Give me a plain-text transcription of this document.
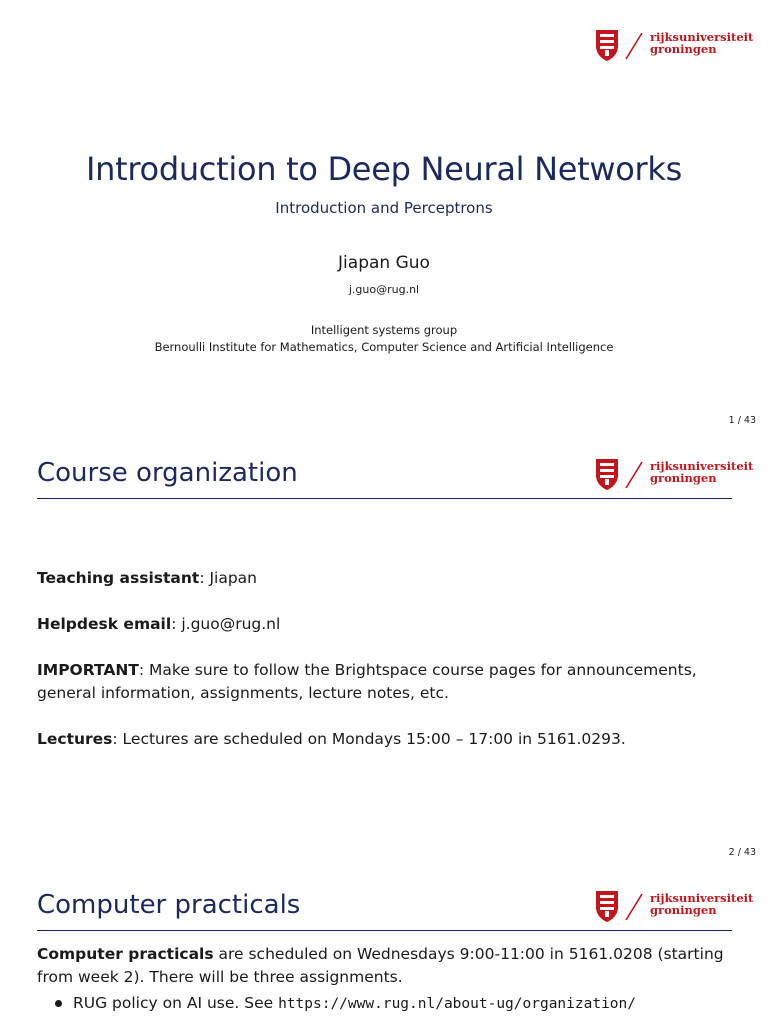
rijksuniversiteit
groningen
Introduction to Deep Neural Networks
Introduction and Perceptrons
Jiapan Guo
j.guo@rug.nl
Intelligent systems group
Bernoulli Institute for Mathematics, Computer Science and Artificial Intelligence
1 / 43
Course organization	rijksuniversiteit
groningen
Teaching assistant: Jiapan
Helpdesk email: j.guo@rug.nl
IMPORTANT: Make sure to follow the Brightspace course pages for announcements, general information, assignments, lecture notes, etc.
Lectures: Lectures are scheduled on Mondays 15:00 – 17:00 in 5161.0293.
2 / 43
Computer practicals	rijksuniversiteit
groningen
Computer practicals are scheduled on Wednesdays 9:00-11:00 in 5161.0208 (starting from week 2). There will be three assignments.
RUG policy on AI use. See https://www.rug.nl/about-ug/organization/
